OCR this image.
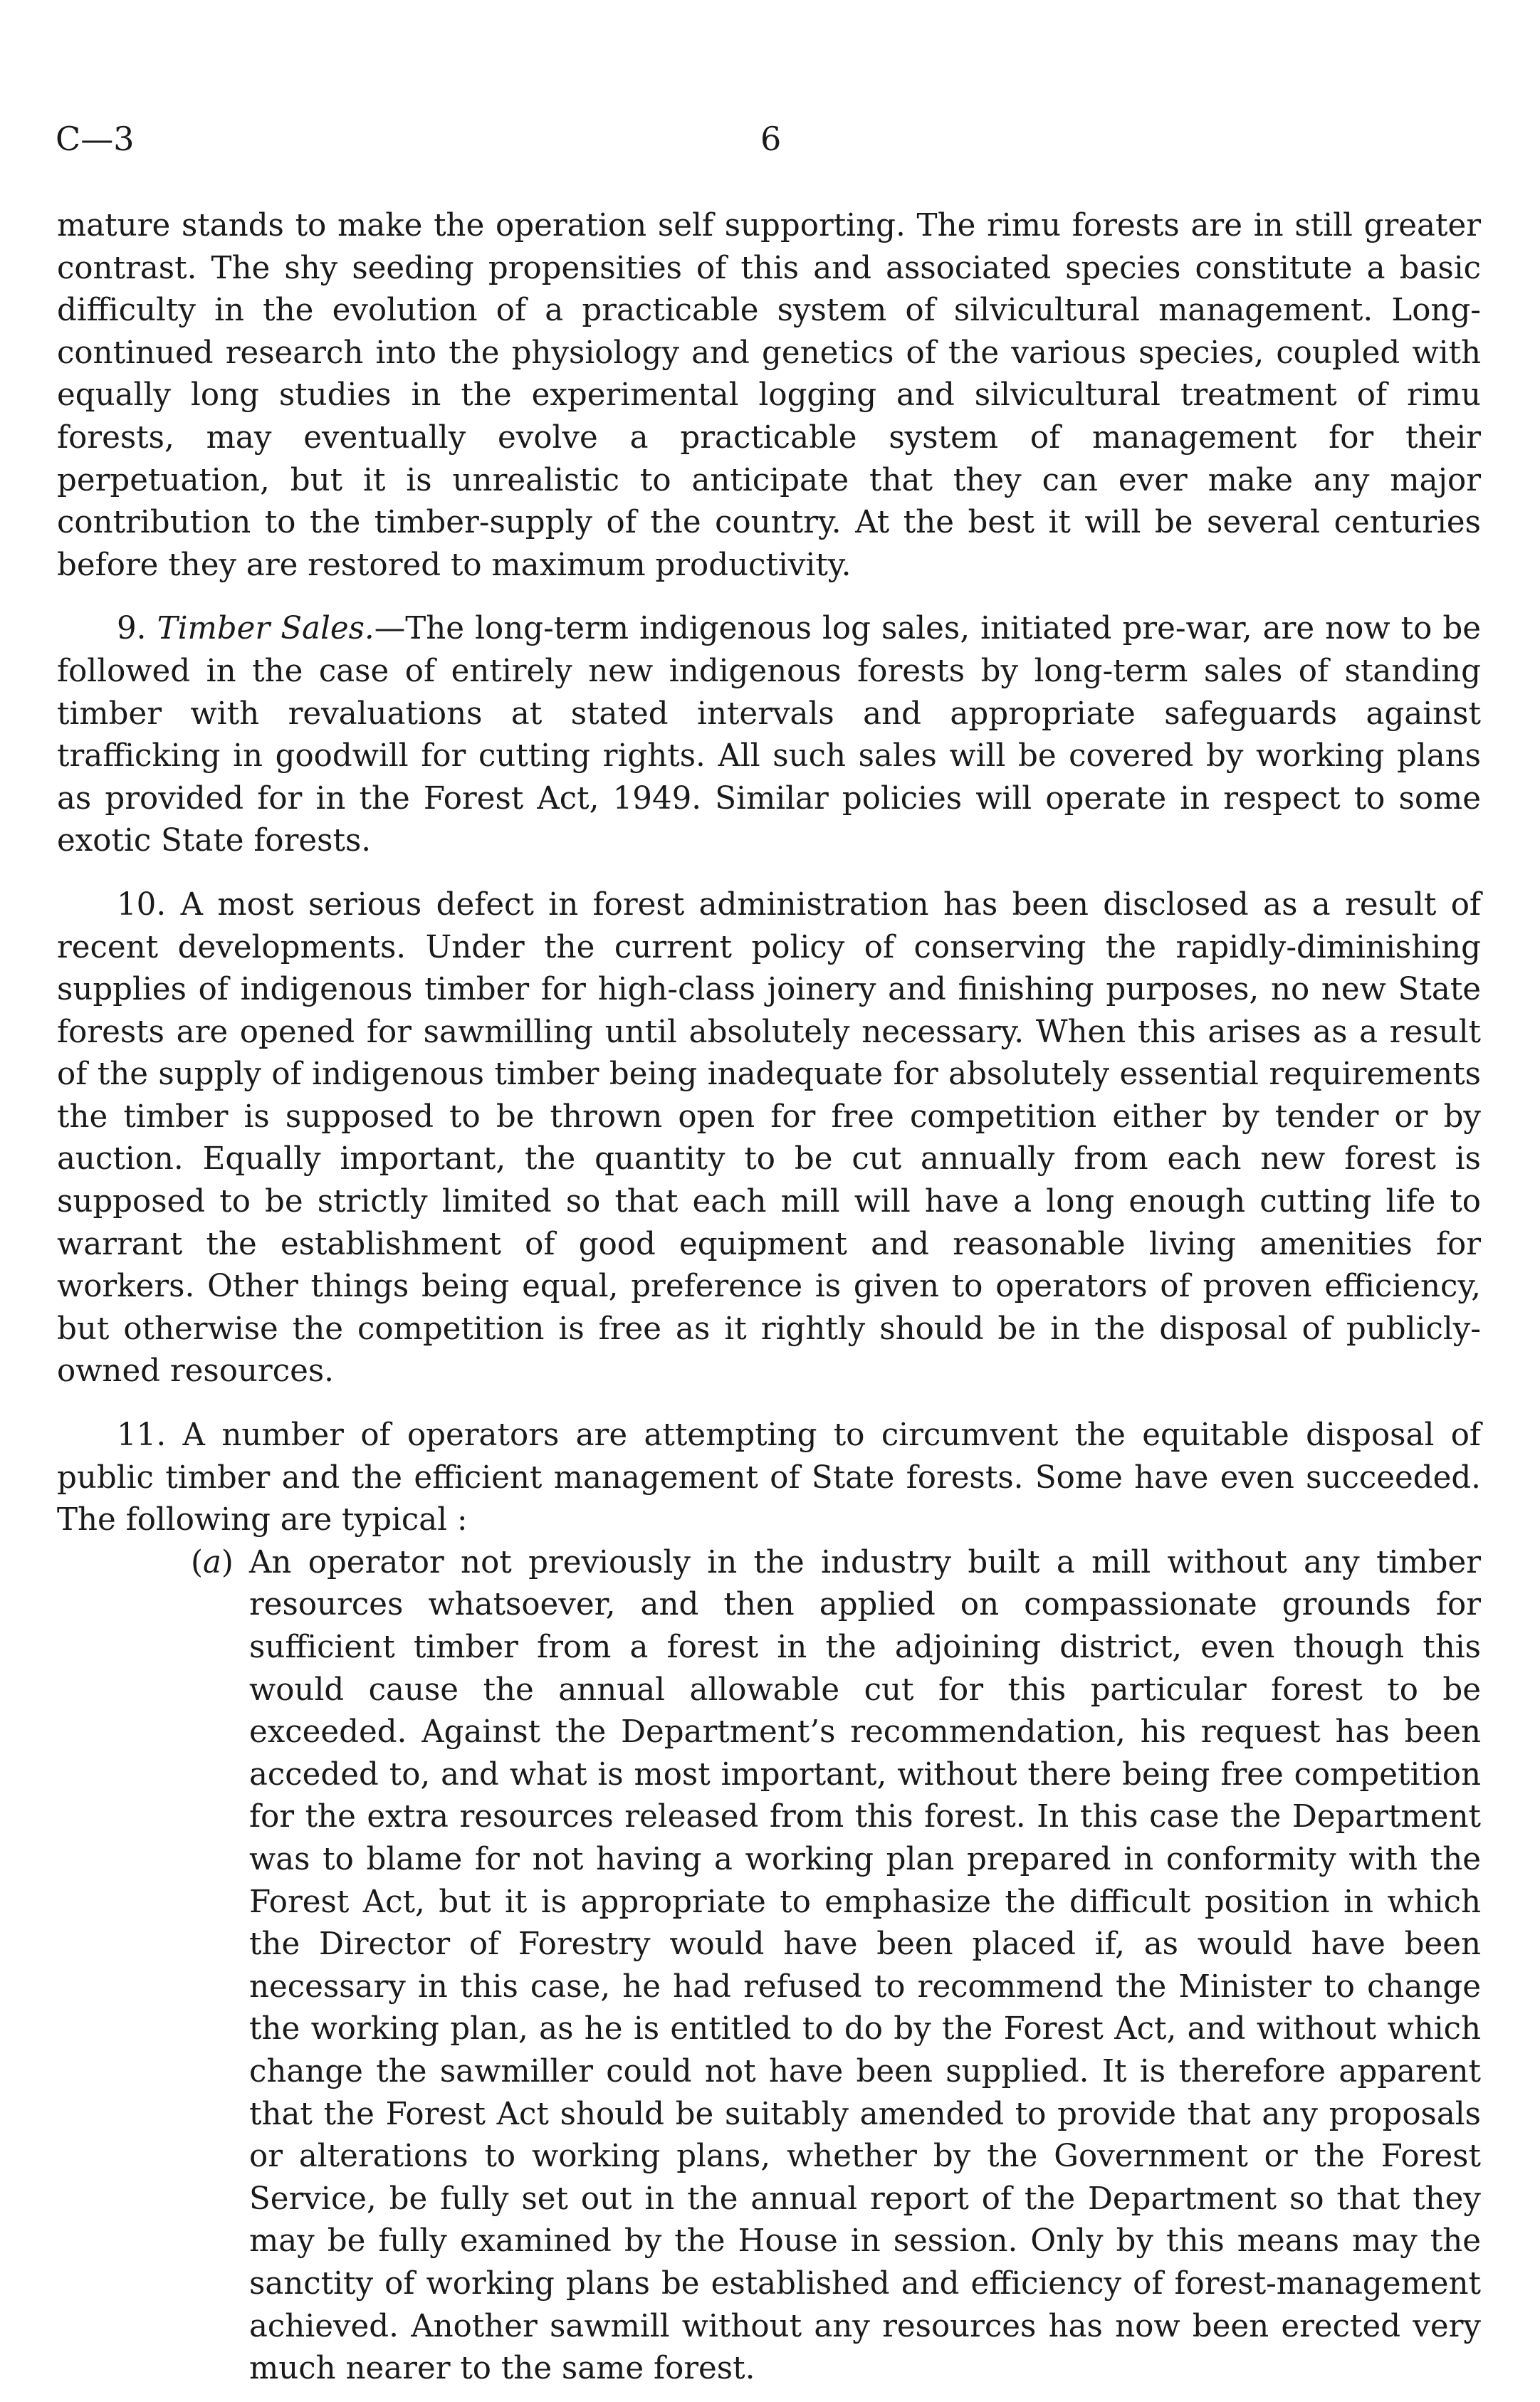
C—3	6

mature stands to make the operation self supporting. The rimu forests are in still greater contrast. The shy seeding propensities of this and associated species constitute a basic difficulty in the evolution of a practicable system of silvicultural management. Long-continued research into the physiology and genetics of the various species, coupled with equally long studies in the experimental logging and silvicultural treatment of rimu forests, may eventually evolve a practicable system of management for their perpetuation, but it is unrealistic to anticipate that they can ever make any major contribution to the timber-supply of the country. At the best it will be several centuries before they are restored to maximum productivity.

9. Timber Sales.—The long-term indigenous log sales, initiated pre-war, are now to be followed in the case of entirely new indigenous forests by long-term sales of standing timber with revaluations at stated intervals and appropriate safeguards against trafficking in goodwill for cutting rights. All such sales will be covered by working plans as provided for in the Forest Act, 1949. Similar policies will operate in respect to some exotic State forests.

10. A most serious defect in forest administration has been disclosed as a result of recent developments. Under the current policy of conserving the rapidly-diminishing supplies of indigenous timber for high-class joinery and finishing purposes, no new State forests are opened for sawmilling until absolutely necessary. When this arises as a result of the supply of indigenous timber being inadequate for absolutely essential requirements the timber is supposed to be thrown open for free competition either by tender or by auction. Equally important, the quantity to be cut annually from each new forest is supposed to be strictly limited so that each mill will have a long enough cutting life to warrant the establishment of good equipment and reasonable living amenities for workers. Other things being equal, preference is given to operators of proven efficiency, but otherwise the competition is free as it rightly should be in the disposal of publicly-owned resources.

11. A number of operators are attempting to circumvent the equitable disposal of public timber and the efficient management of State forests. Some have even succeeded. The following are typical :

(a) An operator not previously in the industry built a mill without any timber resources whatsoever, and then applied on compassionate grounds for sufficient timber from a forest in the adjoining district, even though this would cause the annual allowable cut for this particular forest to be exceeded. Against the Department’s recommendation, his request has been acceded to, and what is most important, without there being free competition for the extra resources released from this forest. In this case the Department was to blame for not having a working plan prepared in conformity with the Forest Act, but it is appropriate to emphasize the difficult position in which the Director of Forestry would have been placed if, as would have been necessary in this case, he had refused to recommend the Minister to change the working plan, as he is entitled to do by the Forest Act, and without which change the sawmiller could not have been supplied. It is therefore apparent that the Forest Act should be suitably amended to provide that any proposals or alterations to working plans, whether by the Government or the Forest Service, be fully set out in the annual report of the Department so that they may be fully examined by the House in session. Only by this means may the sanctity of working plans be established and efficiency of forest-management achieved. Another sawmill without any resources has now been erected very much nearer to the same forest.
